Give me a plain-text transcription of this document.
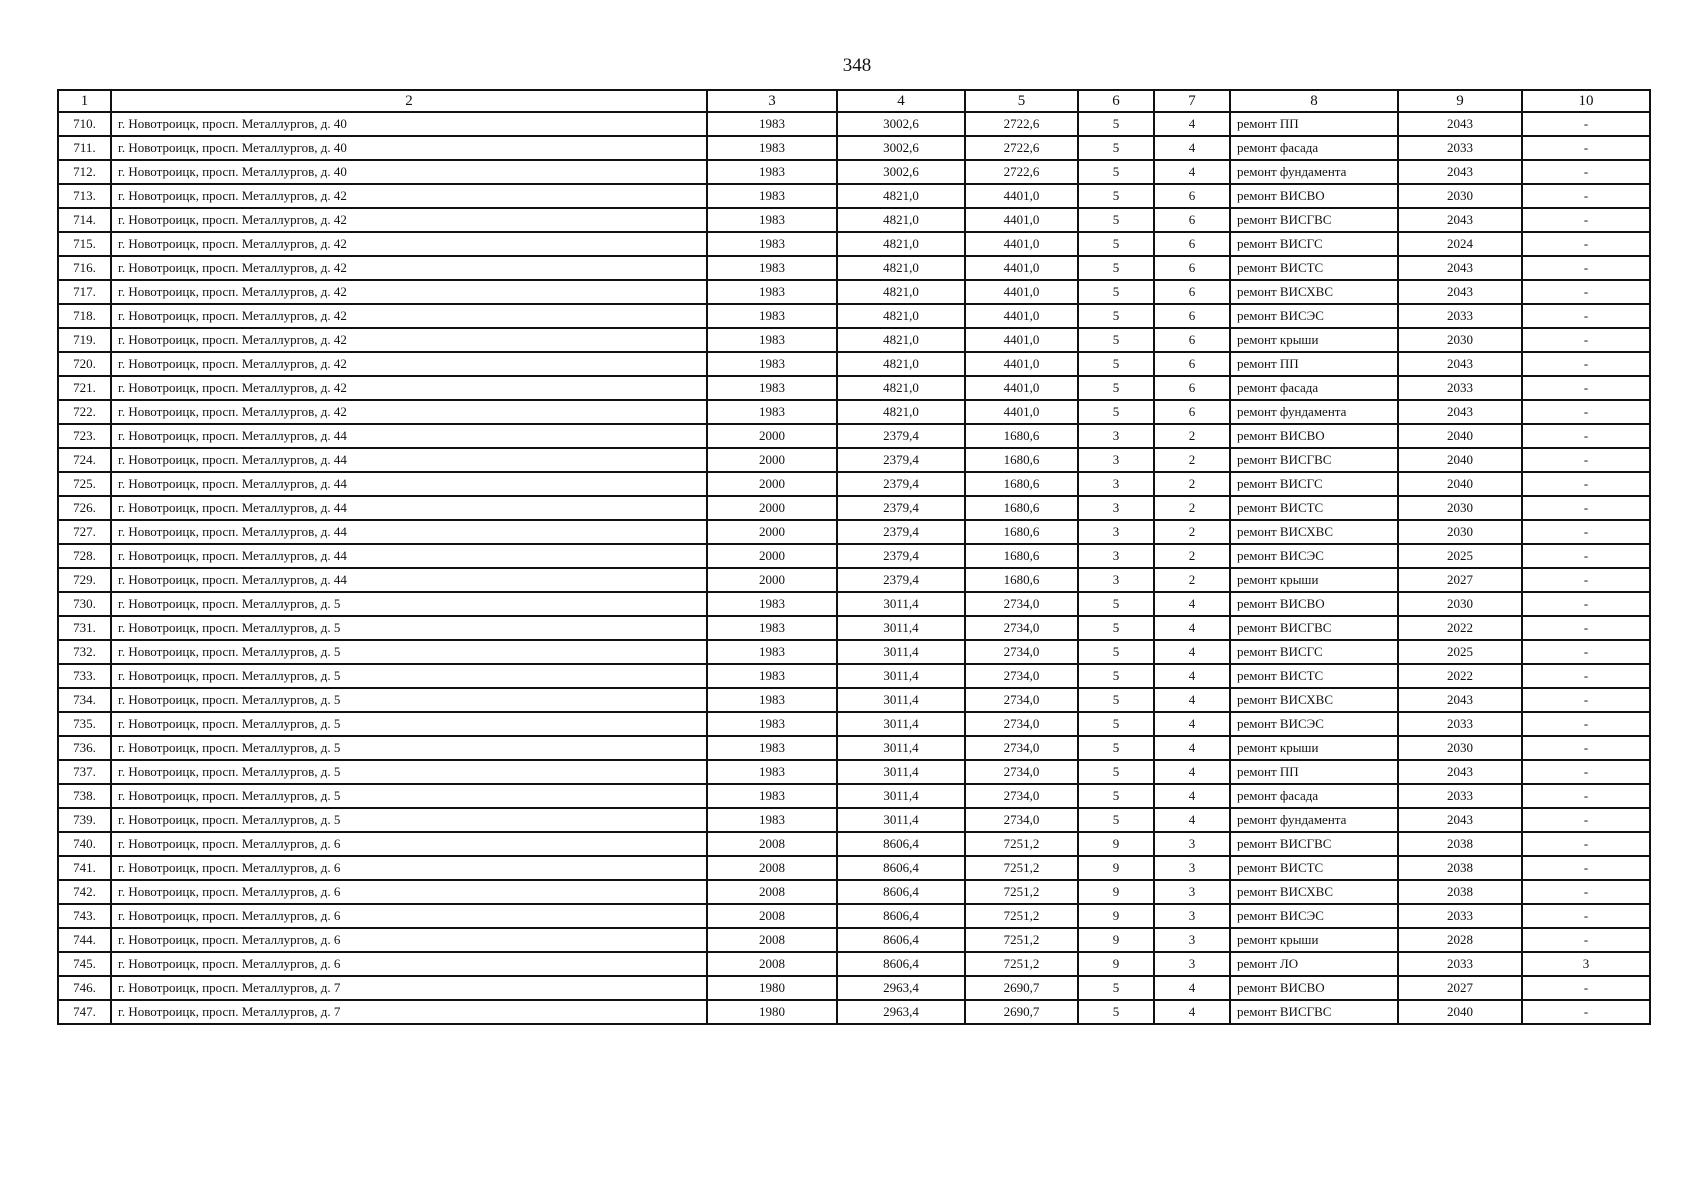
348
1	2	3	4	5	6	7	8	9	10
710.	г. Новотроицк, просп. Металлургов, д. 40	1983	3002,6	2722,6	5	4	ремонт ПП	2043	-
711.	г. Новотроицк, просп. Металлургов, д. 40	1983	3002,6	2722,6	5	4	ремонт фасада	2033	-
712.	г. Новотроицк, просп. Металлургов, д. 40	1983	3002,6	2722,6	5	4	ремонт фундамента	2043	-
713.	г. Новотроицк, просп. Металлургов, д. 42	1983	4821,0	4401,0	5	6	ремонт ВИСВО	2030	-
714.	г. Новотроицк, просп. Металлургов, д. 42	1983	4821,0	4401,0	5	6	ремонт ВИСГВС	2043	-
715.	г. Новотроицк, просп. Металлургов, д. 42	1983	4821,0	4401,0	5	6	ремонт ВИСГС	2024	-
716.	г. Новотроицк, просп. Металлургов, д. 42	1983	4821,0	4401,0	5	6	ремонт ВИСТС	2043	-
717.	г. Новотроицк, просп. Металлургов, д. 42	1983	4821,0	4401,0	5	6	ремонт ВИСХВС	2043	-
718.	г. Новотроицк, просп. Металлургов, д. 42	1983	4821,0	4401,0	5	6	ремонт ВИСЭС	2033	-
719.	г. Новотроицк, просп. Металлургов, д. 42	1983	4821,0	4401,0	5	6	ремонт крыши	2030	-
720.	г. Новотроицк, просп. Металлургов, д. 42	1983	4821,0	4401,0	5	6	ремонт ПП	2043	-
721.	г. Новотроицк, просп. Металлургов, д. 42	1983	4821,0	4401,0	5	6	ремонт фасада	2033	-
722.	г. Новотроицк, просп. Металлургов, д. 42	1983	4821,0	4401,0	5	6	ремонт фундамента	2043	-
723.	г. Новотроицк, просп. Металлургов, д. 44	2000	2379,4	1680,6	3	2	ремонт ВИСВО	2040	-
724.	г. Новотроицк, просп. Металлургов, д. 44	2000	2379,4	1680,6	3	2	ремонт ВИСГВС	2040	-
725.	г. Новотроицк, просп. Металлургов, д. 44	2000	2379,4	1680,6	3	2	ремонт ВИСГС	2040	-
726.	г. Новотроицк, просп. Металлургов, д. 44	2000	2379,4	1680,6	3	2	ремонт ВИСТС	2030	-
727.	г. Новотроицк, просп. Металлургов, д. 44	2000	2379,4	1680,6	3	2	ремонт ВИСХВС	2030	-
728.	г. Новотроицк, просп. Металлургов, д. 44	2000	2379,4	1680,6	3	2	ремонт ВИСЭС	2025	-
729.	г. Новотроицк, просп. Металлургов, д. 44	2000	2379,4	1680,6	3	2	ремонт крыши	2027	-
730.	г. Новотроицк, просп. Металлургов, д. 5	1983	3011,4	2734,0	5	4	ремонт ВИСВО	2030	-
731.	г. Новотроицк, просп. Металлургов, д. 5	1983	3011,4	2734,0	5	4	ремонт ВИСГВС	2022	-
732.	г. Новотроицк, просп. Металлургов, д. 5	1983	3011,4	2734,0	5	4	ремонт ВИСГС	2025	-
733.	г. Новотроицк, просп. Металлургов, д. 5	1983	3011,4	2734,0	5	4	ремонт ВИСТС	2022	-
734.	г. Новотроицк, просп. Металлургов, д. 5	1983	3011,4	2734,0	5	4	ремонт ВИСХВС	2043	-
735.	г. Новотроицк, просп. Металлургов, д. 5	1983	3011,4	2734,0	5	4	ремонт ВИСЭС	2033	-
736.	г. Новотроицк, просп. Металлургов, д. 5	1983	3011,4	2734,0	5	4	ремонт крыши	2030	-
737.	г. Новотроицк, просп. Металлургов, д. 5	1983	3011,4	2734,0	5	4	ремонт ПП	2043	-
738.	г. Новотроицк, просп. Металлургов, д. 5	1983	3011,4	2734,0	5	4	ремонт фасада	2033	-
739.	г. Новотроицк, просп. Металлургов, д. 5	1983	3011,4	2734,0	5	4	ремонт фундамента	2043	-
740.	г. Новотроицк, просп. Металлургов, д. 6	2008	8606,4	7251,2	9	3	ремонт ВИСГВС	2038	-
741.	г. Новотроицк, просп. Металлургов, д. 6	2008	8606,4	7251,2	9	3	ремонт ВИСТС	2038	-
742.	г. Новотроицк, просп. Металлургов, д. 6	2008	8606,4	7251,2	9	3	ремонт ВИСХВС	2038	-
743.	г. Новотроицк, просп. Металлургов, д. 6	2008	8606,4	7251,2	9	3	ремонт ВИСЭС	2033	-
744.	г. Новотроицк, просп. Металлургов, д. 6	2008	8606,4	7251,2	9	3	ремонт крыши	2028	-
745.	г. Новотроицк, просп. Металлургов, д. 6	2008	8606,4	7251,2	9	3	ремонт ЛО	2033	3
746.	г. Новотроицк, просп. Металлургов, д. 7	1980	2963,4	2690,7	5	4	ремонт ВИСВО	2027	-
747.	г. Новотроицк, просп. Металлургов, д. 7	1980	2963,4	2690,7	5	4	ремонт ВИСГВС	2040	-
